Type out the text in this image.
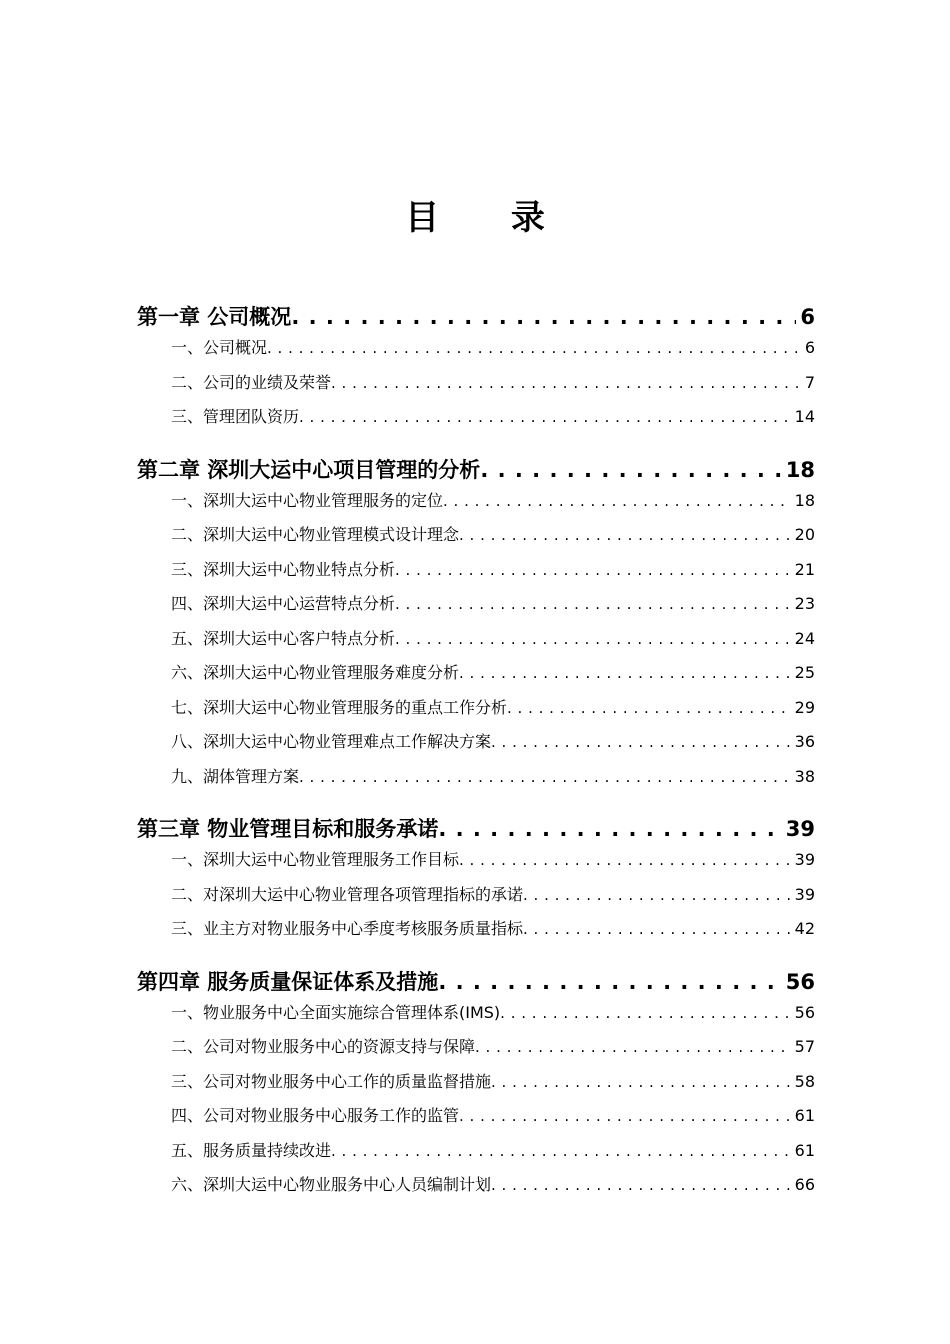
目 录
第一章 公司概况 . . .	6
一、公司概况 . . .	6
二、公司的业绩及荣誉 . . .	7
三、管理团队资历 . . .	14
第二章 深圳大运中心项目管理的分析 . . .	18
一、深圳大运中心物业管理服务的定位 . . .	18
二、深圳大运中心物业管理模式设计理念 . . .	20
三、深圳大运中心物业特点分析 . . .	21
四、深圳大运中心运营特点分析 . . .	23
五、深圳大运中心客户特点分析 . . .	24
六、深圳大运中心物业管理服务难度分析 . . .	25
七、深圳大运中心物业管理服务的重点工作分析 . . .	29
八、深圳大运中心物业管理难点工作解决方案 . . .	36
九、湖体管理方案 . . .	38
第三章 物业管理目标和服务承诺 . . .	39
一、深圳大运中心物业管理服务工作目标 . . .	39
二、对深圳大运中心物业管理各项管理指标的承诺 . . .	39
三、业主方对物业服务中心季度考核服务质量指标 . . .	42
第四章 服务质量保证体系及措施 . . .	56
一、物业服务中心全面实施综合管理体系(IMS) . . .	56
二、公司对物业服务中心的资源支持与保障 . . .	57
三、公司对物业服务中心工作的质量监督措施 . . .	58
四、公司对物业服务中心服务工作的监管 . . .	61
五、服务质量持续改进 . . .	61
六、深圳大运中心物业服务中心人员编制计划 . . .	66
